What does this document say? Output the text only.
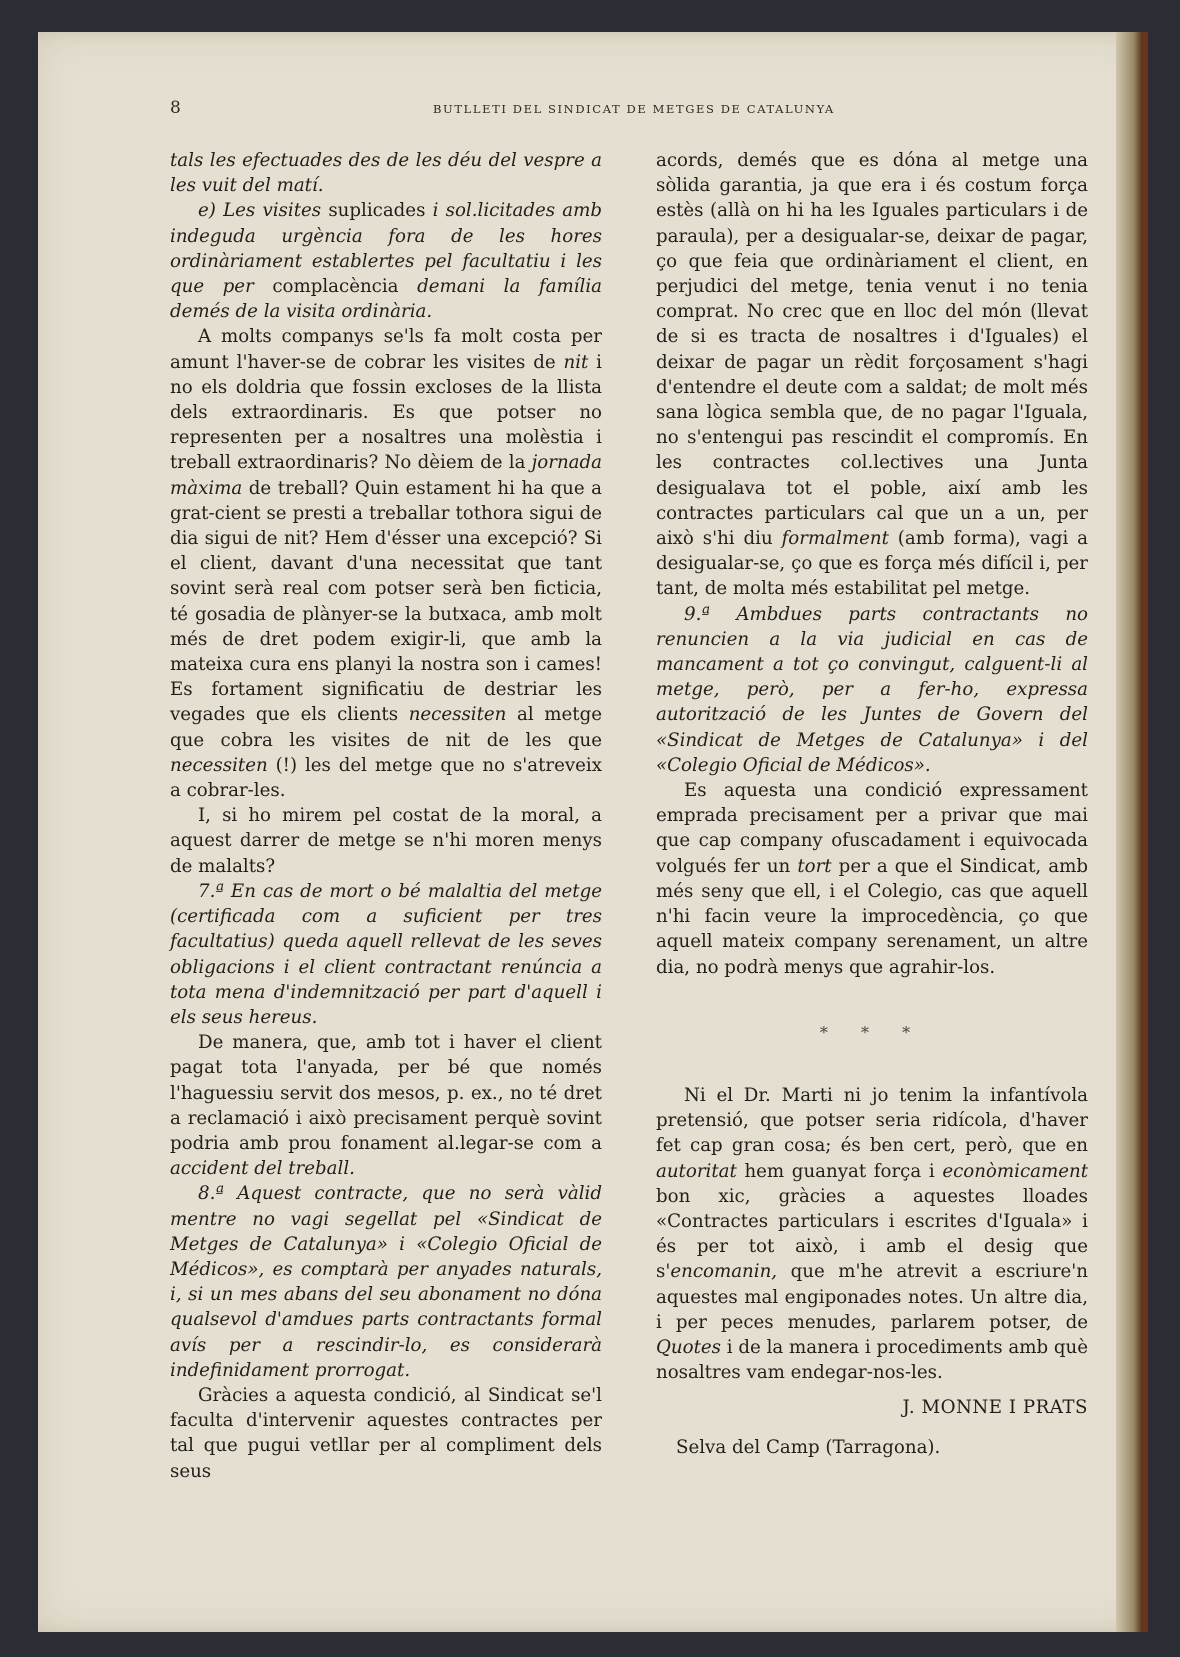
8	BUTLLETI DEL SINDICAT DE METGES DE CATALUNYA

tals les efectuades des de les déu del vespre a les vuit del matí.

e) Les visites suplicades i sol.licitades amb indeguda urgència fora de les hores ordinàriament establertes pel facultatiu i les que per complacència demani la família demés de la visita ordinària.

A molts companys se'ls fa molt costa per amunt l'haver-se de cobrar les visites de nit i no els doldria que fossin excloses de la llista dels extraordinaris. Es que potser no representen per a nosaltres una molèstia i treball extraordinaris? No dèiem de la jornada màxima de treball? Quin estament hi ha que a grat-cient se presti a treballar tothora sigui de dia sigui de nit? Hem d'ésser una excepció? Si el client, davant d'una necessitat que tant sovint serà real com potser serà ben ficticia, té gosadia de plànyer-se la butxaca, amb molt més de dret podem exigir-li, que amb la mateixa cura ens planyi la nostra son i cames! Es fortament significatiu de destriar les vegades que els clients necessiten al metge que cobra les visites de nit de les que necessiten (!) les del metge que no s'atreveix a cobrar-les.

I, si ho mirem pel costat de la moral, a aquest darrer de metge se n'hi moren menys de malalts?

7.ª En cas de mort o bé malaltia del metge (certificada com a suficient per tres facultatius) queda aquell rellevat de les seves obligacions i el client contractant renúncia a tota mena d'indemnització per part d'aquell i els seus hereus.

De manera, que, amb tot i haver el client pagat tota l'anyada, per bé que només l'haguessiu servit dos mesos, p. ex., no té dret a reclamació i això precisament perquè sovint podria amb prou fonament al.legar-se com a accident del treball.

8.ª Aquest contracte, que no serà vàlid mentre no vagi segellat pel «Sindicat de Metges de Catalunya» i «Colegio Oficial de Médicos», es comptarà per anyades naturals, i, si un mes abans del seu abonament no dóna qualsevol d'amdues parts contractants formal avís per a rescindir-lo, es considerarà indefinidament prorrogat.

Gràcies a aquesta condició, al Sindicat se'l faculta d'intervenir aquestes contractes per tal que pugui vetllar per al compliment dels seus

acords, demés que es dóna al metge una sòlida garantia, ja que era i és costum força estès (allà on hi ha les Iguales particulars i de paraula), per a desigualar-se, deixar de pagar, ço que feia que ordinàriament el client, en perjudici del metge, tenia venut i no tenia comprat. No crec que en lloc del món (llevat de si es tracta de nosaltres i d'Iguales) el deixar de pagar un rèdit forçosament s'hagi d'entendre el deute com a saldat; de molt més sana lògica sembla que, de no pagar l'Iguala, no s'entengui pas rescindit el compromís. En les contractes col.lectives una Junta desigualava tot el poble, així amb les contractes particulars cal que un a un, per això s'hi diu formalment (amb forma), vagi a desigualar-se, ço que es força més difícil i, per tant, de molta més estabilitat pel metge.

9.ª Ambdues parts contractants no renuncien a la via judicial en cas de mancament a tot ço convingut, calguent-li al metge, però, per a fer-ho, expressa autorització de les Juntes de Govern del «Sindicat de Metges de Catalunya» i del «Colegio Oficial de Médicos».

Es aquesta una condició expressament emprada precisament per a privar que mai que cap company ofuscadament i equivocada volgués fer un tort per a que el Sindicat, amb més seny que ell, i el Colegio, cas que aquell n'hi facin veure la improcedència, ço que aquell mateix company serenament, un altre dia, no podrà menys que agrahir-los.

* * *

Ni el Dr. Marti ni jo tenim la infantívola pretensió, que potser seria ridícola, d'haver fet cap gran cosa; és ben cert, però, que en autoritat hem guanyat força i econòmicament bon xic, gràcies a aquestes lloades «Contractes particulars i escrites d'Iguala» i és per tot això, i amb el desig que s'encomanin, que m'he atrevit a escriure'n aquestes mal engiponades notes. Un altre dia, i per peces menudes, parlarem potser, de Quotes i de la manera i procediments amb què nosaltres vam endegar-nos-les.

J. MONNE I PRATS
Selva del Camp (Tarragona).
